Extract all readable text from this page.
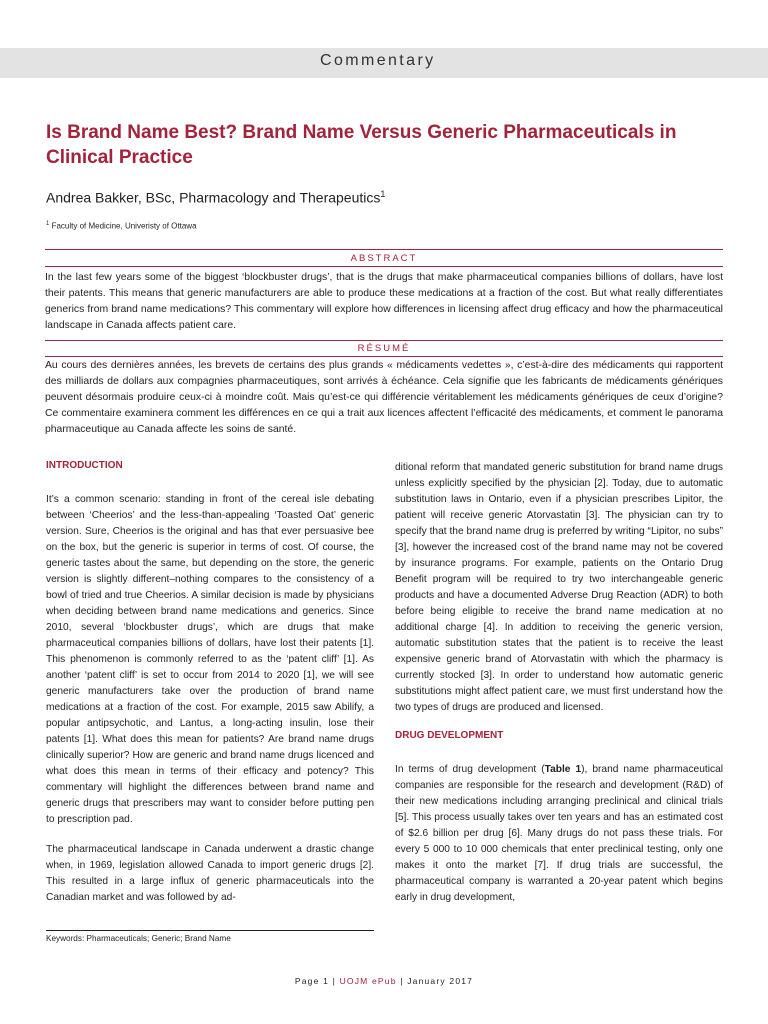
Commentary
Is Brand Name Best? Brand Name Versus Generic Pharmaceuticals in Clinical Practice
Andrea Bakker, BSc, Pharmacology and Therapeutics$^1$
$^1$ Faculty of Medicine, Univeristy of Ottawa
ABSTRACT

In the last few years some of the biggest ‘blockbuster drugs’, that is the drugs that make pharmaceutical companies billions of dollars, have lost their patents. This means that generic manufacturers are able to produce these medications at a fraction of the cost. But what really differentiates generics from brand name medications? This commentary will explore how differences in licensing affect drug efficacy and how the pharmaceutical landscape in Canada affects patient care.

RÉSUMÉ

Au cours des dernières années, les brevets de certains des plus grands « médicaments vedettes », c’est-à-dire des médicaments qui rapportent des milliards de dollars aux compagnies pharmaceutiques, sont arrivés à échéance. Cela signifie que les fabricants de médicaments génériques peuvent désormais produire ceux-ci à moindre coût. Mais qu’est-ce qui différencie véritablement les médicaments génériques de ceux d’origine? Ce commentaire examinera comment les différences en ce qui a trait aux licences affectent l’efficacité des médicaments, et comment le panorama pharmaceutique au Canada affecte les soins de santé.

INTRODUCTION

It’s a common scenario: standing in front of the cereal isle debating between ‘Cheerios’ and the less-than-appealing ‘Toasted Oat’ generic version. Sure, Cheerios is the original and has that ever persuasive bee on the box, but the generic is superior in terms of cost. Of course, the generic tastes about the same, but depending on the store, the generic version is slightly different–nothing compares to the consistency of a bowl of tried and true Cheerios. A similar decision is made by physicians when deciding between brand name medications and generics. Since 2010, several ‘blockbuster drugs’, which are drugs that make pharmaceutical companies billions of dollars, have lost their patents [1]. This phenomenon is commonly referred to as the ‘patent cliff’ [1]. As another ‘patent cliff’ is set to occur from 2014 to 2020 [1], we will see generic manufacturers take over the production of brand name medications at a fraction of the cost. For example, 2015 saw Abilify, a popular antipsychotic, and Lantus, a long-acting insulin, lose their patents [1]. What does this mean for patients? Are brand name drugs clinically superior? How are generic and brand name drugs licenced and what does this mean in terms of their efficacy and potency? This commentary will highlight the differences between brand name and generic drugs that prescribers may want to consider before putting pen to prescription pad.

The pharmaceutical landscape in Canada underwent a drastic change when, in 1969, legislation allowed Canada to import generic drugs [2]. This resulted in a large influx of generic pharmaceuticals into the Canadian market and was followed by ad-

ditional reform that mandated generic substitution for brand name drugs unless explicitly specified by the physician [2]. Today, due to automatic substitution laws in Ontario, even if a physician prescribes Lipitor, the patient will receive generic Atorvastatin [3]. The physician can try to specify that the brand name drug is preferred by writing “Lipitor, no subs” [3], however the increased cost of the brand name may not be covered by insurance programs. For example, patients on the Ontario Drug Benefit program will be required to try two interchangeable generic products and have a documented Adverse Drug Reaction (ADR) to both before being eligible to receive the brand name medication at no additional charge [4]. In addition to receiving the generic version, automatic substitution states that the patient is to receive the least expensive generic brand of Atorvastatin with which the pharmacy is currently stocked [3]. In order to understand how automatic generic substitutions might affect patient care, we must first understand how the two types of drugs are produced and licensed.

DRUG DEVELOPMENT

In terms of drug development (Table 1), brand name pharmaceutical companies are responsible for the research and development (R&D) of their new medications including arranging preclinical and clinical trials [5]. This process usually takes over ten years and has an estimated cost of $2.6 billion per drug [6]. Many drugs do not pass these trials. For every 5 000 to 10 000 chemicals that enter preclinical testing, only one makes it onto the market [7]. If drug trials are successful, the pharmaceutical company is warranted a 20-year patent which begins early in drug development,

Keywords: Pharmaceuticals; Generic; Brand Name
Page 1 | UOJM ePub | January 2017
